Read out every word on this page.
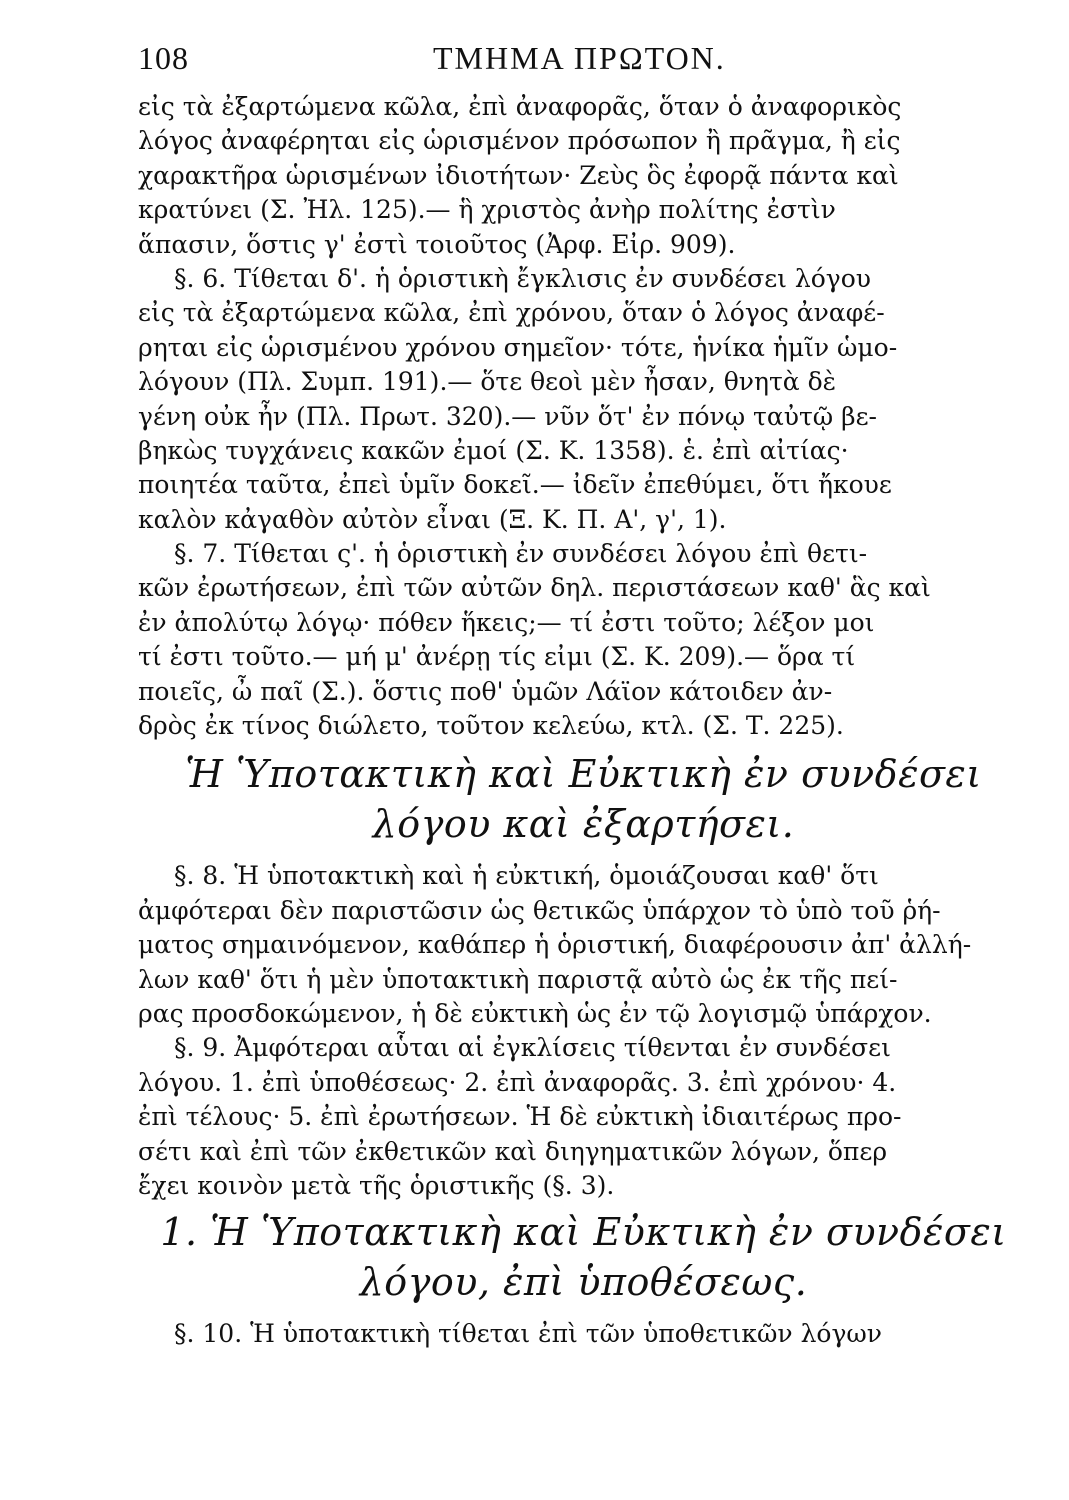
108	ΤΜΗΜΑ ΠΡΩΤΟΝ.
εἰς τὰ ἐξαρτώμενα κῶλα, ἐπὶ ἀναφορᾶς, ὅταν ὁ ἀναφορικὸς
λόγος ἀναφέρηται εἰς ὡρισμένον πρόσωπον ἢ πρᾶγμα, ἢ εἰς
χαρακτῆρα ὡρισμένων ἰδιοτήτων· Ζεὺς ὃς ἐφορᾷ πάντα καὶ
κρατύνει (Σ. Ἠλ. 125).— ἣ χριστὸς ἀνὴρ πολίτης ἐστὶν
ἅπασιν, ὅστις γ' ἐστὶ τοιοῦτος (Ἀρφ. Εἰρ. 909).
§. 6. Τίθεται δ'. ἡ ὁριστικὴ ἔγκλισις ἐν συνδέσει λόγου
εἰς τὰ ἐξαρτώμενα κῶλα, ἐπὶ χρόνου, ὅταν ὁ λόγος ἀναφέ-
ρηται εἰς ὡρισμένου χρόνου σημεῖον· τότε, ἡνίκα ἡμῖν ὡμο-
λόγουν (Πλ. Συμπ. 191).— ὅτε θεοὶ μὲν ἦσαν, θνητὰ δὲ
γένη οὐκ ἦν (Πλ. Πρωτ. 320).— νῦν ὅτ' ἐν πόνῳ ταὐτῷ βε-
βηκὼς τυγχάνεις κακῶν ἐμοί (Σ. Κ. 1358). ἑ. ἐπὶ αἰτίας·
ποιητέα ταῦτα, ἐπεὶ ὑμῖν δοκεῖ.— ἰδεῖν ἐπεθύμει, ὅτι ἤκουε
καλὸν κἀγαθὸν αὐτὸν εἶναι (Ξ. Κ. Π. Α', γ', 1).
§. 7. Τίθεται ς'. ἡ ὁριστικὴ ἐν συνδέσει λόγου ἐπὶ θετι-
κῶν ἐρωτήσεων, ἐπὶ τῶν αὐτῶν δηλ. περιστάσεων καθ' ἃς καὶ
ἐν ἀπολύτῳ λόγῳ· πόθεν ἥκεις;— τί ἐστι τοῦτο; λέξον μοι
τί ἐστι τοῦτο.— μή μ' ἀνέρῃ τίς εἰμι (Σ. Κ. 209).— ὅρα τί
ποιεῖς, ὦ παῖ (Σ.). ὅστις ποθ' ὑμῶν Λάϊον κάτοιδεν ἀν-
δρὸς ἐκ τίνος διώλετο, τοῦτον κελεύω, κτλ. (Σ. Τ. 225).
Ἡ Ὑποτακτικὴ καὶ Εὐκτικὴ ἐν συνδέσει
λόγου καὶ ἐξαρτήσει.
§. 8. Ἡ ὑποτακτικὴ καὶ ἡ εὐκτική, ὁμοιάζουσαι καθ' ὅτι
ἀμφότεραι δὲν παριστῶσιν ὡς θετικῶς ὑπάρχον τὸ ὑπὸ τοῦ ῥή-
ματος σημαινόμενον, καθάπερ ἡ ὁριστική, διαφέρουσιν ἀπ' ἀλλή-
λων καθ' ὅτι ἡ μὲν ὑποτακτικὴ παριστᾷ αὐτὸ ὡς ἐκ τῆς πεί-
ρας προσδοκώμενον, ἡ δὲ εὐκτικὴ ὡς ἐν τῷ λογισμῷ ὑπάρχον.
§. 9. Ἀμφότεραι αὗται αἱ ἐγκλίσεις τίθενται ἐν συνδέσει
λόγου. 1. ἐπὶ ὑποθέσεως· 2. ἐπὶ ἀναφορᾶς. 3. ἐπὶ χρόνου· 4.
ἐπὶ τέλους· 5. ἐπὶ ἐρωτήσεων. Ἡ δὲ εὐκτικὴ ἰδιαιτέρως προ-
σέτι καὶ ἐπὶ τῶν ἐκθετικῶν καὶ διηγηματικῶν λόγων, ὅπερ
ἔχει κοινὸν μετὰ τῆς ὁριστικῆς (§. 3).
1. Ἡ Ὑποτακτικὴ καὶ Εὐκτικὴ ἐν συνδέσει
λόγου, ἐπὶ ὑποθέσεως.
§. 10. Ἡ ὑποτακτικὴ τίθεται ἐπὶ τῶν ὑποθετικῶν λόγων
